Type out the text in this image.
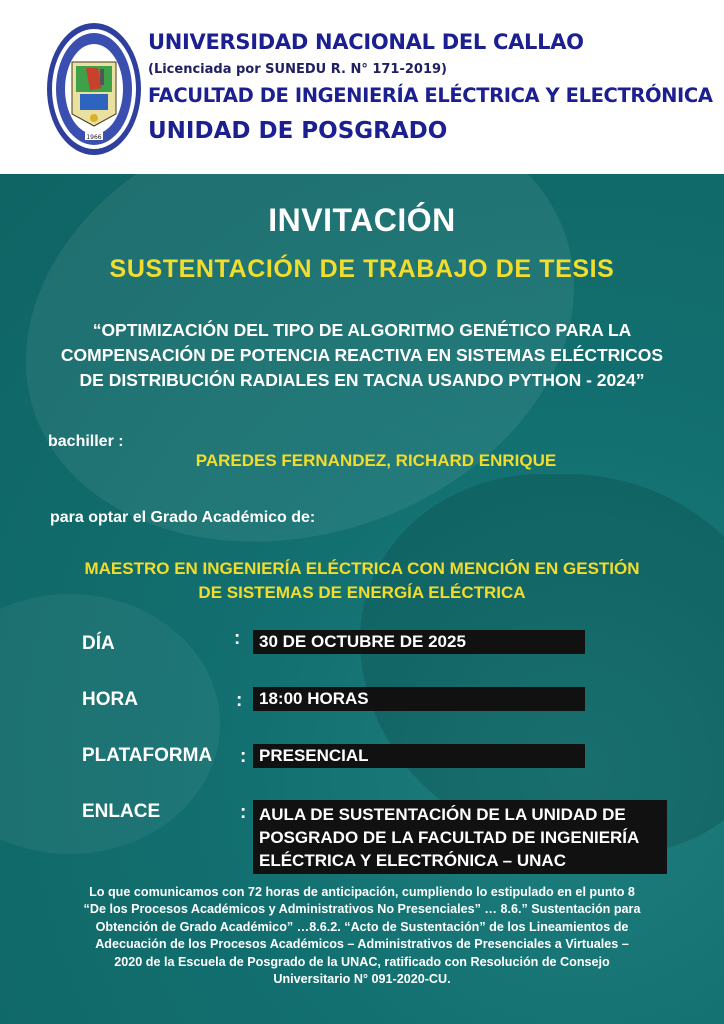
1966
UNIVERSIDAD NACIONAL DEL CALLAO
(Licenciada por SUNEDU R. N° 171-2019)
FACULTAD DE INGENIERÍA ELÉCTRICA Y ELECTRÓNICA
UNIDAD DE POSGRADO
INVITACIÓN
SUSTENTACIÓN DE TRABAJO DE TESIS
“OPTIMIZACIÓN DEL TIPO DE ALGORITMO GENÉTICO PARA LA
COMPENSACIÓN DE POTENCIA REACTIVA EN SISTEMAS ELÉCTRICOS
DE DISTRIBUCIÓN RADIALES EN TACNA USANDO PYTHON - 2024”
bachiller :
PAREDES FERNANDEZ, RICHARD ENRIQUE
para optar el Grado Académico de:
MAESTRO EN INGENIERÍA ELÉCTRICA CON MENCIÓN EN GESTIÓN
DE SISTEMAS DE ENERGÍA ELÉCTRICA
DÍA	:	30 DE OCTUBRE DE 2025
HORA	: 18:00 HORAS
PLATAFORMA : PRESENCIAL
ENLACE	: AULA DE SUSTENTACIÓN DE LA UNIDAD DE
POSGRADO DE LA FACULTAD DE INGENIERÍA
ELÉCTRICA Y ELECTRÓNICA – UNAC
Lo que comunicamos con 72 horas de anticipación, cumpliendo lo estipulado en el punto 8
“De los Procesos Académicos y Administrativos No Presenciales” … 8.6.” Sustentación para
Obtención de Grado Académico” …8.6.2. “Acto de Sustentación” de los Lineamientos de
Adecuación de los Procesos Académicos – Administrativos de Presenciales a Virtuales –
2020 de la Escuela de Posgrado de la UNAC, ratificado con Resolución de Consejo
Universitario N° 091-2020-CU.
